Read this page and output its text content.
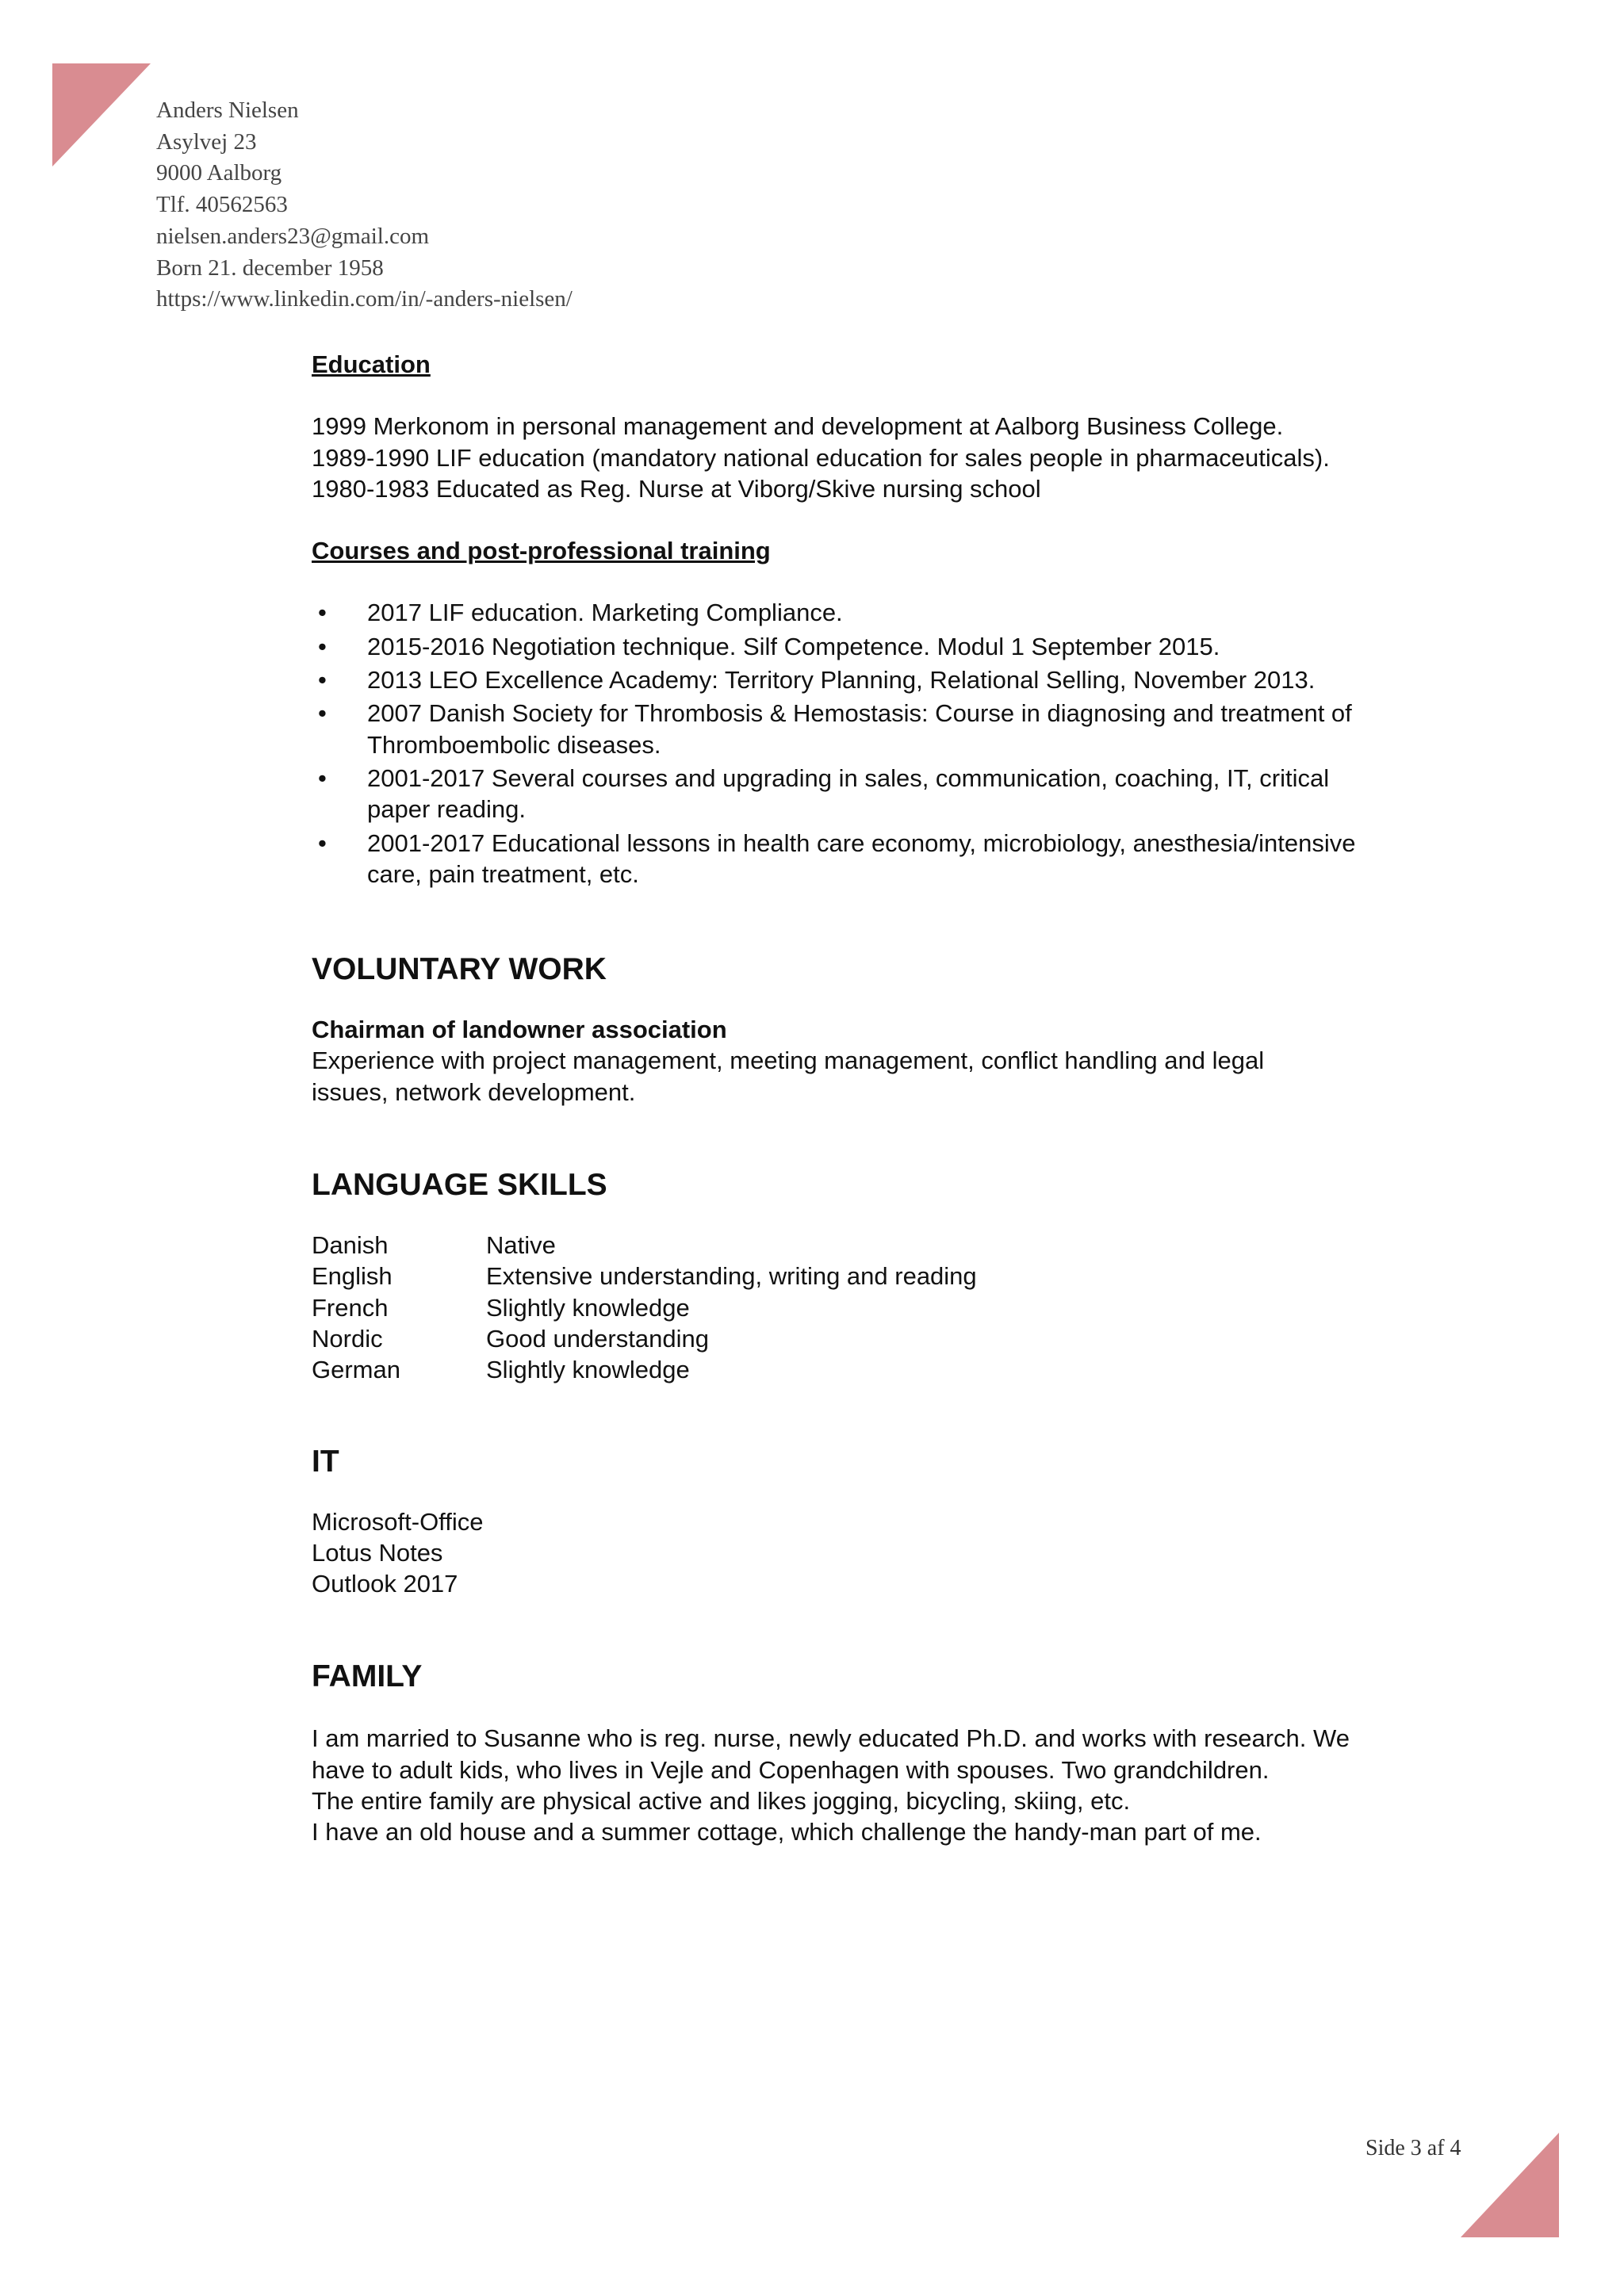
Anders Nielsen
Asylvej 23
9000 Aalborg
Tlf. 40562563
nielsen.anders23@gmail.com
Born 21. december 1958
https://www.linkedin.com/in/-anders-nielsen/
Education
1999 Merkonom in personal management and development at Aalborg Business College.
1989-1990 LIF education (mandatory national education for sales people in pharmaceuticals).
1980-1983 Educated as Reg. Nurse at Viborg/Skive nursing school
Courses and post-professional training
• 2017 LIF education. Marketing Compliance.
• 2015-2016 Negotiation technique. Silf Competence. Modul 1 September 2015.
• 2013 LEO Excellence Academy: Territory Planning, Relational Selling, November 2013.
• 2007 Danish Society for Thrombosis & Hemostasis: Course in diagnosing and treatment of
Thromboembolic diseases.
• 2001-2017 Several courses and upgrading in sales, communication, coaching, IT, critical
paper reading.
• 2001-2017 Educational lessons in health care economy, microbiology, anesthesia/intensive
care, pain treatment, etc.
VOLUNTARY WORK
Chairman of landowner association
Experience with project management, meeting management, conflict handling and legal
issues, network development.
LANGUAGE SKILLS
Danish	Native
English	Extensive understanding, writing and reading
French	Slightly knowledge
Nordic	Good understanding
German	Slightly knowledge
IT
Microsoft-Office
Lotus Notes
Outlook 2017
FAMILY
I am married to Susanne who is reg. nurse, newly educated Ph.D. and works with research. We
have to adult kids, who lives in Vejle and Copenhagen with spouses. Two grandchildren.
The entire family are physical active and likes jogging, bicycling, skiing, etc.
I have an old house and a summer cottage, which challenge the handy-man part of me.
Side 3 af 4
